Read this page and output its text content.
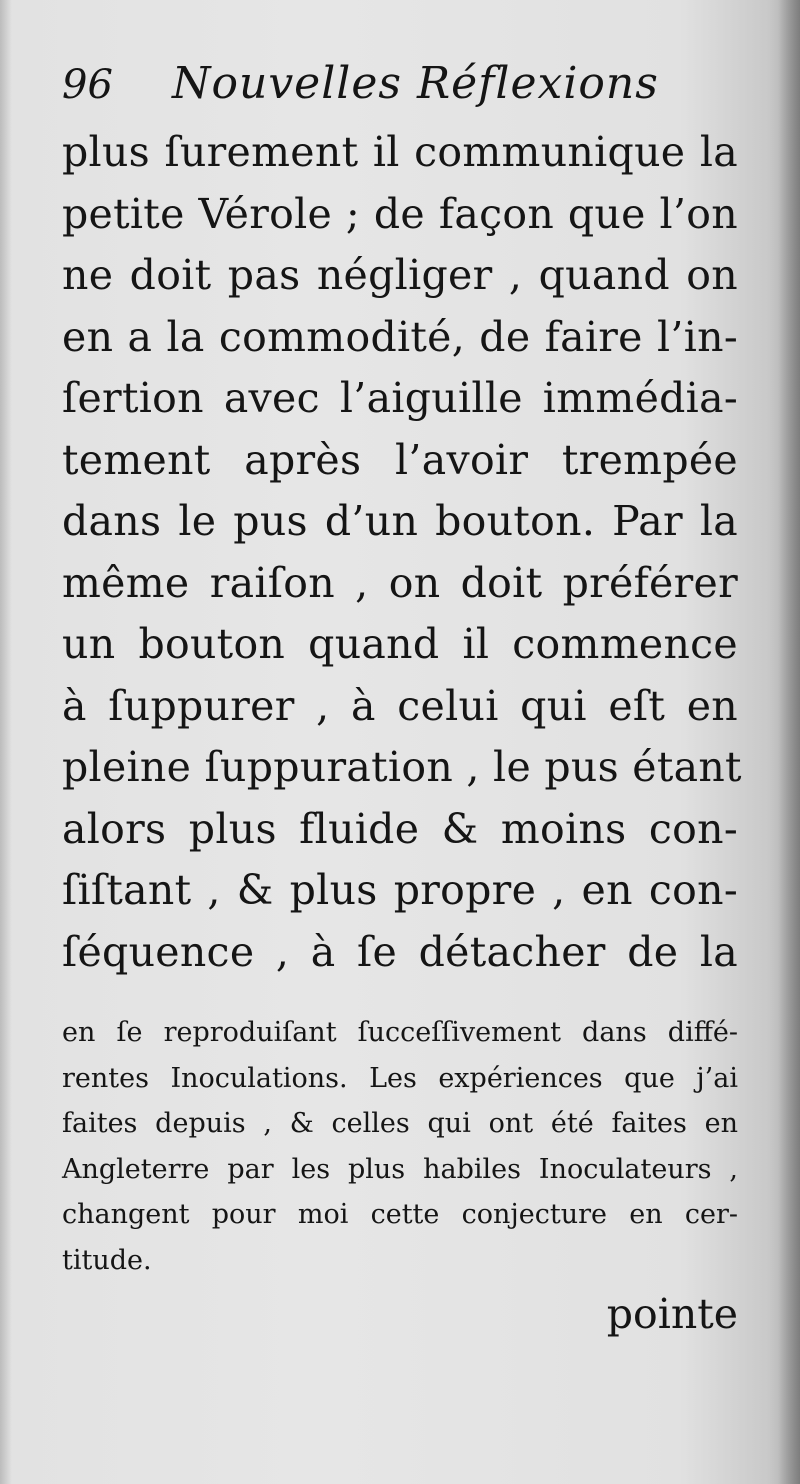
96 Nouvelles Réflexions
plus ſurement il communique la
petite Vérole ; de façon que l’on
ne doit pas négliger , quand on
en a la commodité, de faire l’in-
ſertion avec l’aiguille immédia-
tement après l’avoir trempée
dans le pus d’un bouton. Par la
même raiſon , on doit préférer
un bouton quand il commence
à ſuppurer , à celui qui eſt en
pleine ſuppuration , le pus étant
alors plus fluide & moins con-
ſiſtant , & plus propre , en con-
ſéquence , à ſe détacher de la
en ſe reproduiſant ſucceſſivement dans diffé-
rentes Inoculations. Les expériences que j’ai
faites depuis , & celles qui ont été faites en
Angleterre par les plus habiles Inoculateurs ,
changent pour moi cette conjecture en cer-
titude.
pointe
